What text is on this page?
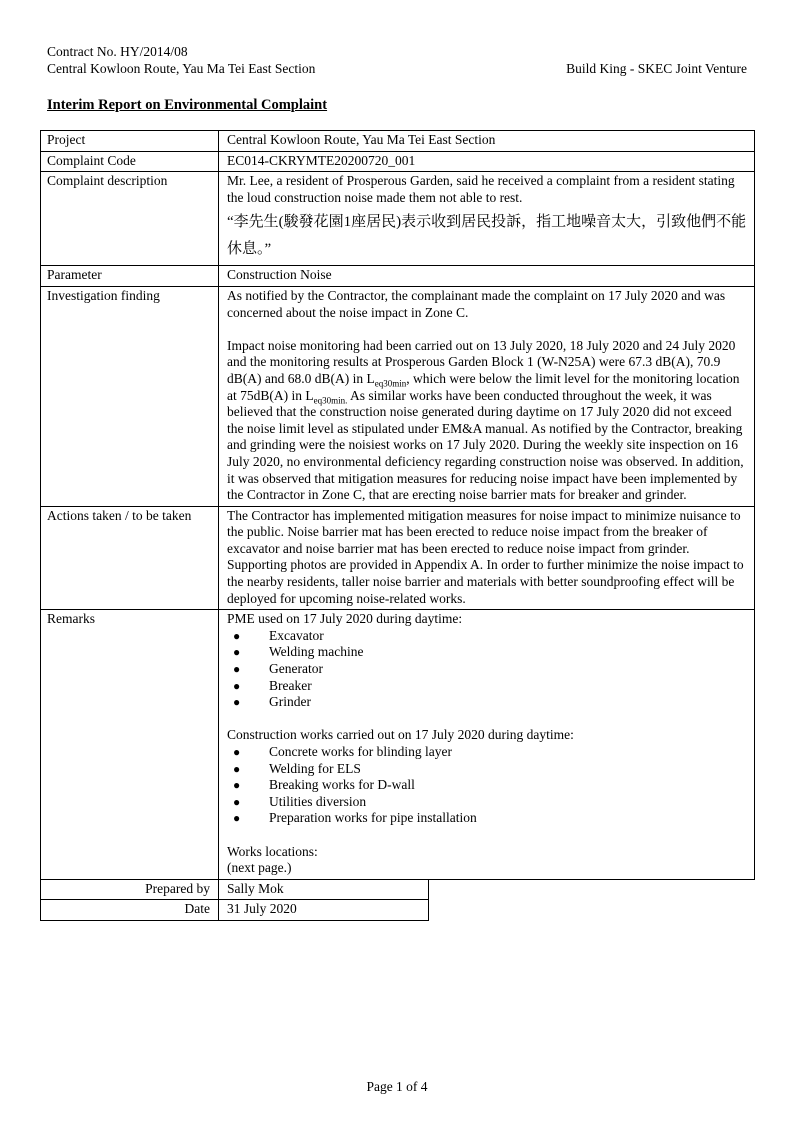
Contract No. HY/2014/08
Central Kowloon Route, Yau Ma Tei East Section	Build King - SKEC Joint Venture
Interim Report on Environmental Complaint
Project	Central Kowloon Route, Yau Ma Tei East Section
Complaint Code	EC014-CKRYMTE20200720_001
Complaint description	Mr. Lee, a resident of Prosperous Garden, said he received a complaint from a resident stating the loud construction noise made them not able to rest.

“李先生(駿發花園1座居民)表示收到居民投訴，指工地噪音太大，引致他們不能休息。”

Parameter	Construction Noise
Investigation finding	As notified by the Contractor, the complainant made the complaint on 17 July 2020 and was concerned about the noise impact in Zone C.

Impact noise monitoring had been carried out on 13 July 2020, 18 July 2020 and 24 July 2020 and the monitoring results at Prosperous Garden Block 1 (W-N25A) were 67.3 dB(A), 70.9 dB(A) and 68.0 dB(A) in $L_{eq30min}$, which were below the limit level for the monitoring location at 75dB(A) in $L_{eq30min.}$ As similar works have been conducted throughout the week, it was believed that the construction noise generated during daytime on 17 July 2020 did not exceed the noise limit level as stipulated under EM&A manual. As notified by the Contractor, breaking and grinding were the noisiest works on 17 July 2020. During the weekly site inspection on 16 July 2020, no environmental deficiency regarding construction noise was observed. In addition, it was observed that mitigation measures for reducing noise impact have been implemented by the Contractor in Zone C, that are erecting noise barrier mats for breaker and grinder.

Actions taken / to be taken	The Contractor has implemented mitigation measures for noise impact to minimize nuisance to the public. Noise barrier mat has been erected to reduce noise impact from the breaker of excavator and noise barrier mat has been erected to reduce noise impact from grinder. Supporting photos are provided in Appendix A. In order to further minimize the noise impact to the nearby residents, taller noise barrier and materials with better soundproofing effect will be deployed for upcoming noise-related works.
Remarks	PME used on 17 July 2020 during daytime:

●	Excavator
●	Welding machine
●	Generator
●	Breaker
●	Grinder

Construction works carried out on 17 July 2020 during daytime:

●	Concrete works for blinding layer
●	Welding for ELS
●	Breaking works for D-wall
●	Utilities diversion
●	Preparation works for pipe installation

Works locations:

(next page.)

Prepared by	Sally Mok
Date	31 July 2020
Page 1 of 4
